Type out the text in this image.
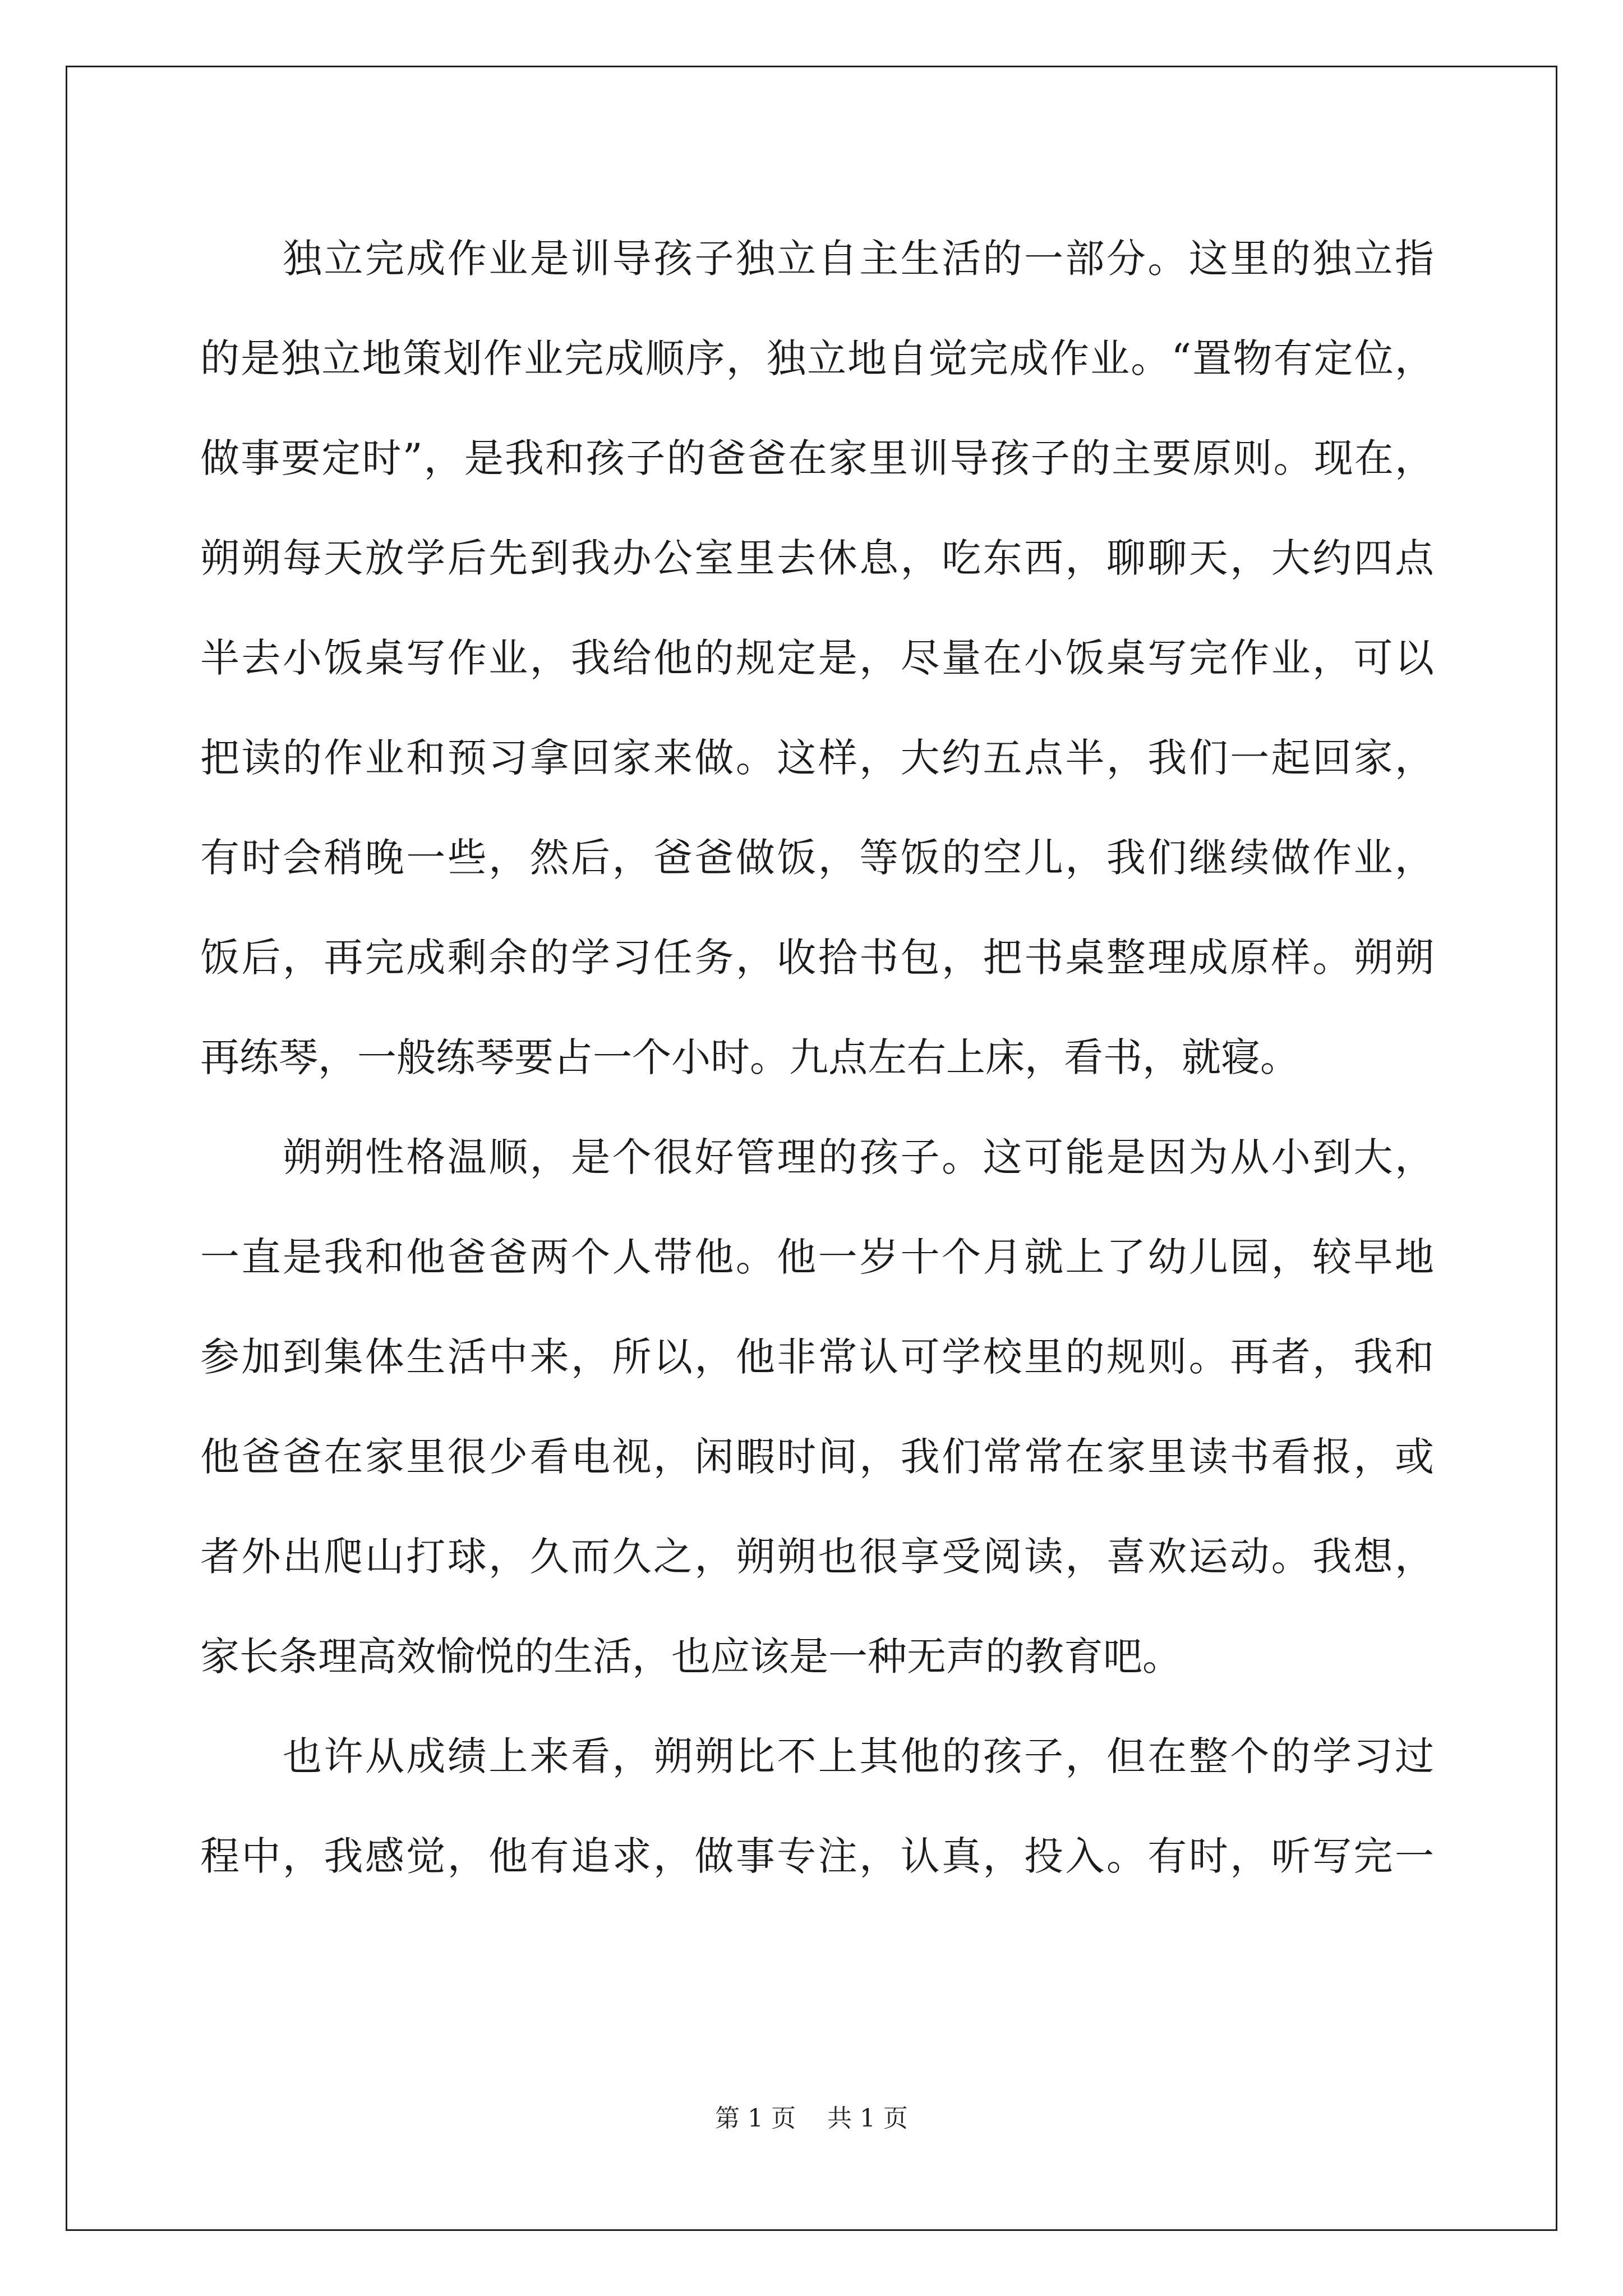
独立完成作业是训导孩子独立自主生活的一部分。这里的独立指
的是独立地策划作业完成顺序，独立地自觉完成作业。“置物有定位，
做事要定时”，是我和孩子的爸爸在家里训导孩子的主要原则。现在，
朔朔每天放学后先到我办公室里去休息，吃东西，聊聊天，大约四点
半去小饭桌写作业，我给他的规定是，尽量在小饭桌写完作业，可以
把读的作业和预习拿回家来做。这样，大约五点半，我们一起回家，
有时会稍晚一些，然后，爸爸做饭，等饭的空儿，我们继续做作业，
饭后，再完成剩余的学习任务，收拾书包，把书桌整理成原样。朔朔
再练琴，一般练琴要占一个小时。九点左右上床，看书，就寝。
朔朔性格温顺，是个很好管理的孩子。这可能是因为从小到大，
一直是我和他爸爸两个人带他。他一岁十个月就上了幼儿园，较早地
参加到集体生活中来，所以，他非常认可学校里的规则。再者，我和
他爸爸在家里很少看电视，闲暇时间，我们常常在家里读书看报，或
者外出爬山打球，久而久之，朔朔也很享受阅读，喜欢运动。我想，
家长条理高效愉悦的生活，也应该是一种无声的教育吧。
也许从成绩上来看，朔朔比不上其他的孩子，但在整个的学习过
程中，我感觉，他有追求，做事专注，认真，投入。有时，听写完一
第 1 页    共 1 页
